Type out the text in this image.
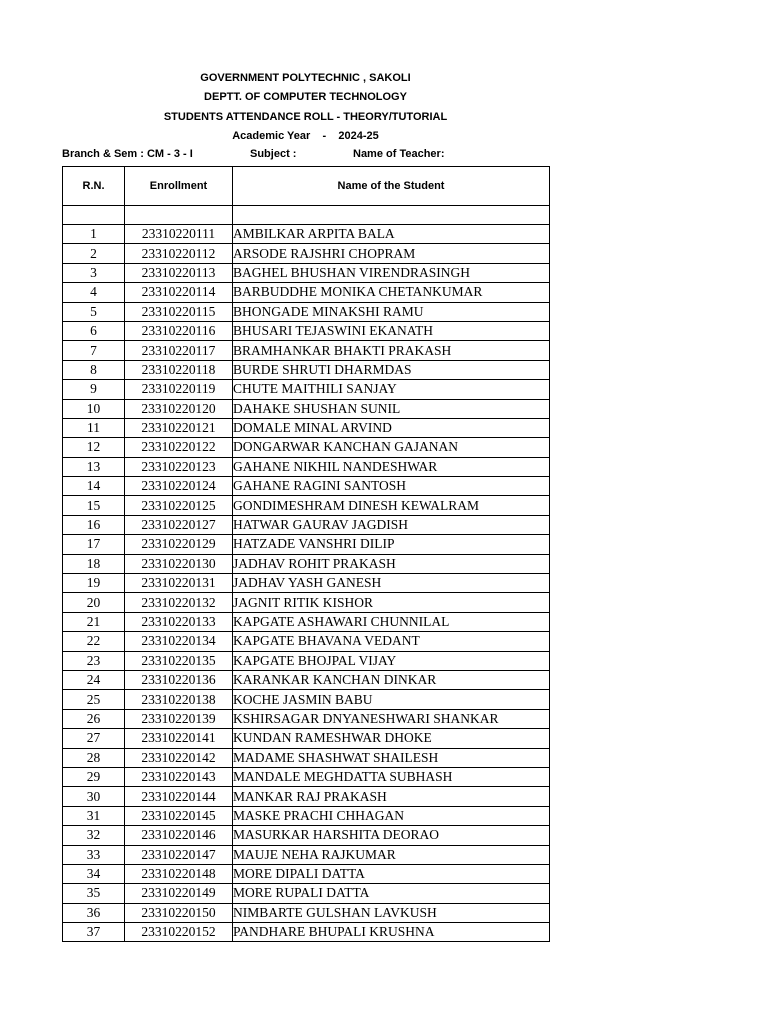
GOVERNMENT POLYTECHNIC , SAKOLI
DEPTT. OF COMPUTER TECHNOLOGY
STUDENTS ATTENDANCE ROLL - THEORY/TUTORIAL
Academic Year    -    2024-25
Branch & Sem : CM - 3 - I	Subject :	Name of Teacher:
R.N.	Enrollment	Name of the Student

1	23310220111	AMBILKAR ARPITA BALA
2	23310220112	ARSODE RAJSHRI CHOPRAM
3	23310220113	BAGHEL BHUSHAN VIRENDRASINGH
4	23310220114	BARBUDDHE MONIKA CHETANKUMAR
5	23310220115	BHONGADE MINAKSHI RAMU
6	23310220116	BHUSARI TEJASWINI EKANATH
7	23310220117	BRAMHANKAR BHAKTI PRAKASH
8	23310220118	BURDE SHRUTI DHARMDAS
9	23310220119	CHUTE MAITHILI SANJAY
10	23310220120	DAHAKE SHUSHAN SUNIL
11	23310220121	DOMALE MINAL ARVIND
12	23310220122	DONGARWAR KANCHAN GAJANAN
13	23310220123	GAHANE NIKHIL NANDESHWAR
14	23310220124	GAHANE RAGINI SANTOSH
15	23310220125	GONDIMESHRAM DINESH KEWALRAM
16	23310220127	HATWAR GAURAV JAGDISH
17	23310220129	HATZADE VANSHRI DILIP
18	23310220130	JADHAV ROHIT PRAKASH
19	23310220131	JADHAV YASH GANESH
20	23310220132	JAGNIT RITIK KISHOR
21	23310220133	KAPGATE ASHAWARI CHUNNILAL
22	23310220134	KAPGATE BHAVANA VEDANT
23	23310220135	KAPGATE BHOJPAL VIJAY
24	23310220136	KARANKAR KANCHAN DINKAR
25	23310220138	KOCHE JASMIN BABU
26	23310220139	KSHIRSAGAR DNYANESHWARI SHANKAR
27	23310220141	KUNDAN RAMESHWAR DHOKE
28	23310220142	MADAME SHASHWAT SHAILESH
29	23310220143	MANDALE MEGHDATTA SUBHASH
30	23310220144	MANKAR RAJ PRAKASH
31	23310220145	MASKE PRACHI CHHAGAN
32	23310220146	MASURKAR HARSHITA DEORAO
33	23310220147	MAUJE NEHA RAJKUMAR
34	23310220148	MORE DIPALI DATTA
35	23310220149	MORE RUPALI DATTA
36	23310220150	NIMBARTE GULSHAN LAVKUSH
37	23310220152	PANDHARE BHUPALI KRUSHNA
